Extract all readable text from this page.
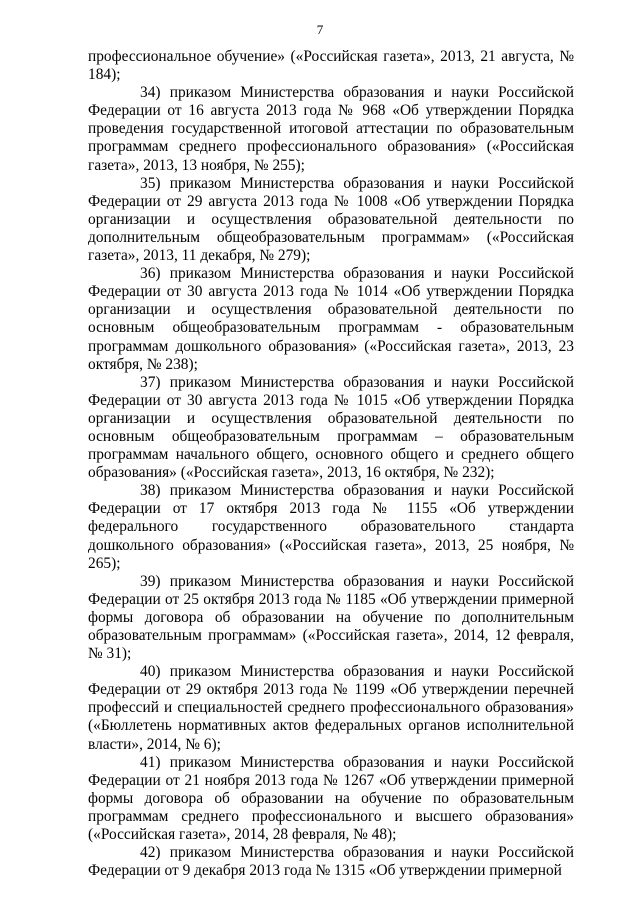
7

профессиональное обучение» («Российская газета», 2013, 21 августа, № 184);

34) приказом Министерства образования и науки Российской Федерации от 16 августа 2013 года № 968 «Об утверждении Порядка проведения государственной итоговой аттестации по образовательным программам среднего профессионального образования» («Российская газета», 2013, 13 ноября, № 255);

35) приказом Министерства образования и науки Российской Федерации от 29 августа 2013 года № 1008 «Об утверждении Порядка организации и осуществления образовательной деятельности по дополнительным общеобразовательным программам» («Российская газета», 2013, 11 декабря, № 279);

36) приказом Министерства образования и науки Российской Федерации от 30 августа 2013 года № 1014 «Об утверждении Порядка организации и осуществления образовательной деятельности по основным общеобразовательным программам - образовательным программам дошкольного образования» («Российская газета», 2013, 23 октября, № 238);

37) приказом Министерства образования и науки Российской Федерации от 30 августа 2013 года № 1015 «Об утверждении Порядка организации и осуществления образовательной деятельности по основным общеобразовательным программам – образовательным программам начального общего, основного общего и среднего общего образования» («Российская газета», 2013, 16 октября, № 232);

38) приказом Министерства образования и науки Российской Федерации от 17 октября 2013 года № 1155 «Об утверждении федерального государственного образовательного стандарта дошкольного образования» («Российская газета», 2013, 25 ноября, № 265);

39) приказом Министерства образования и науки Российской Федерации от 25 октября 2013 года № 1185 «Об утверждении примерной формы договора об образовании на обучение по дополнительным образовательным программам» («Российская газета», 2014, 12 февраля, № 31);

40) приказом Министерства образования и науки Российской Федерации от 29 октября 2013 года № 1199 «Об утверждении перечней профессий и специальностей среднего профессионального образования» («Бюллетень нормативных актов федеральных органов исполнительной власти», 2014, № 6);

41) приказом Министерства образования и науки Российской Федерации от 21 ноября 2013 года № 1267 «Об утверждении примерной формы договора об образовании на обучение по образовательным программам среднего профессионального и высшего образования» («Российская газета», 2014, 28 февраля, № 48);

42) приказом Министерства образования и науки Российской Федерации от 9 декабря 2013 года № 1315 «Об утверждении примерной
